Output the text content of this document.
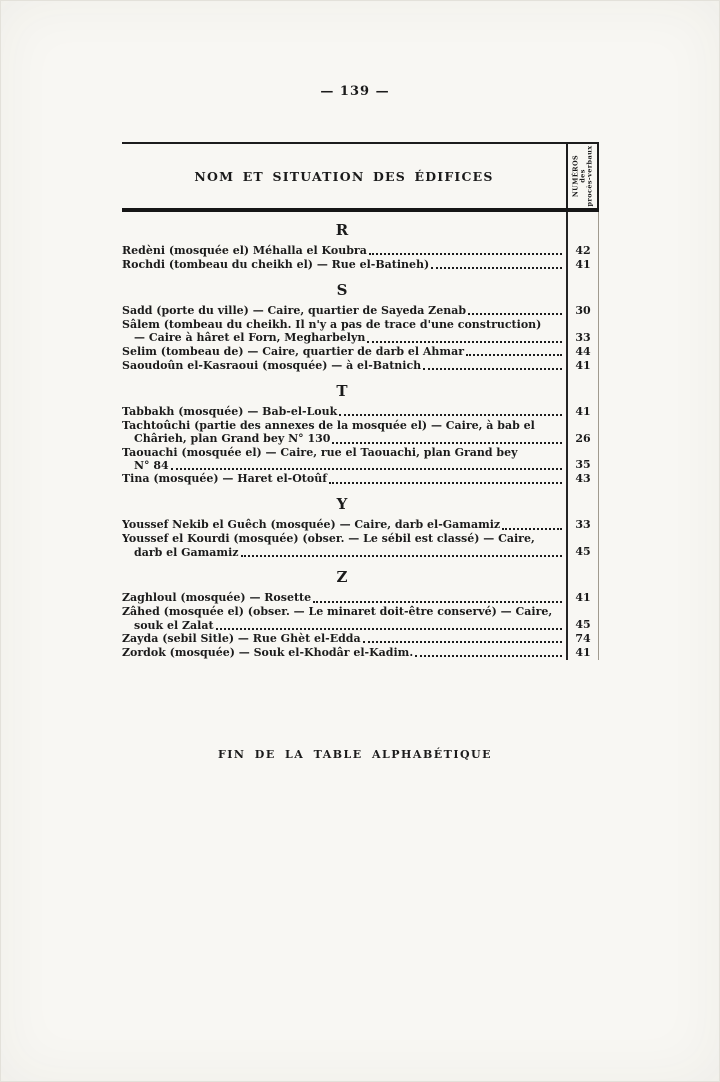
— 139 —
NOM ET SITUATION DES ÉDIFICES	NUMÉROS des procès-verbaux
R
Redèni (mosquée el) Méhalla el Koubra	42
Rochdi (tombeau du cheikh el) — Rue el-Batineh)	41
S
Sadd (porte du ville) — Caire, quartier de Sayeda Zenab	30
Sâlem (tombeau du cheikh. Il n'y a pas de trace d'une construction)
— Caire à hâret el Forn, Megharbelyn	33
Selim (tombeau de) — Caire, quartier de darb el Ahmar	44
Saoudoûn el-Kasraoui (mosquée) — à el-Batnich	41
T
Tabbakh (mosquée) — Bab-el-Louk	41
Tachtoûchi (partie des annexes de la mosquée el) — Caire, à bab el
Chârieh, plan Grand bey N° 130	26
Taouachi (mosquée el) — Caire, rue el Taouachi, plan Grand bey
N° 84	35
Tina (mosquée) — Haret el-Otoûf	43
Y
Youssef Nekib el Guêch (mosquée) — Caire, darb el-Gamamiz	33
Youssef el Kourdi (mosquée) (obser. — Le sébil est classé) — Caire,
darb el Gamamiz	45
Z
Zaghloul (mosquée) — Rosette	41
Zâhed (mosquée el) (obser. — Le minaret doit-être conservé) — Caire,
souk el Zalat	45
Zayda (sebil Sitle) — Rue Ghèt el-Edda	74
Zordok (mosquée) — Souk el-Khodâr el-Kadim.	41
FIN DE LA TABLE ALPHABÉTIQUE
